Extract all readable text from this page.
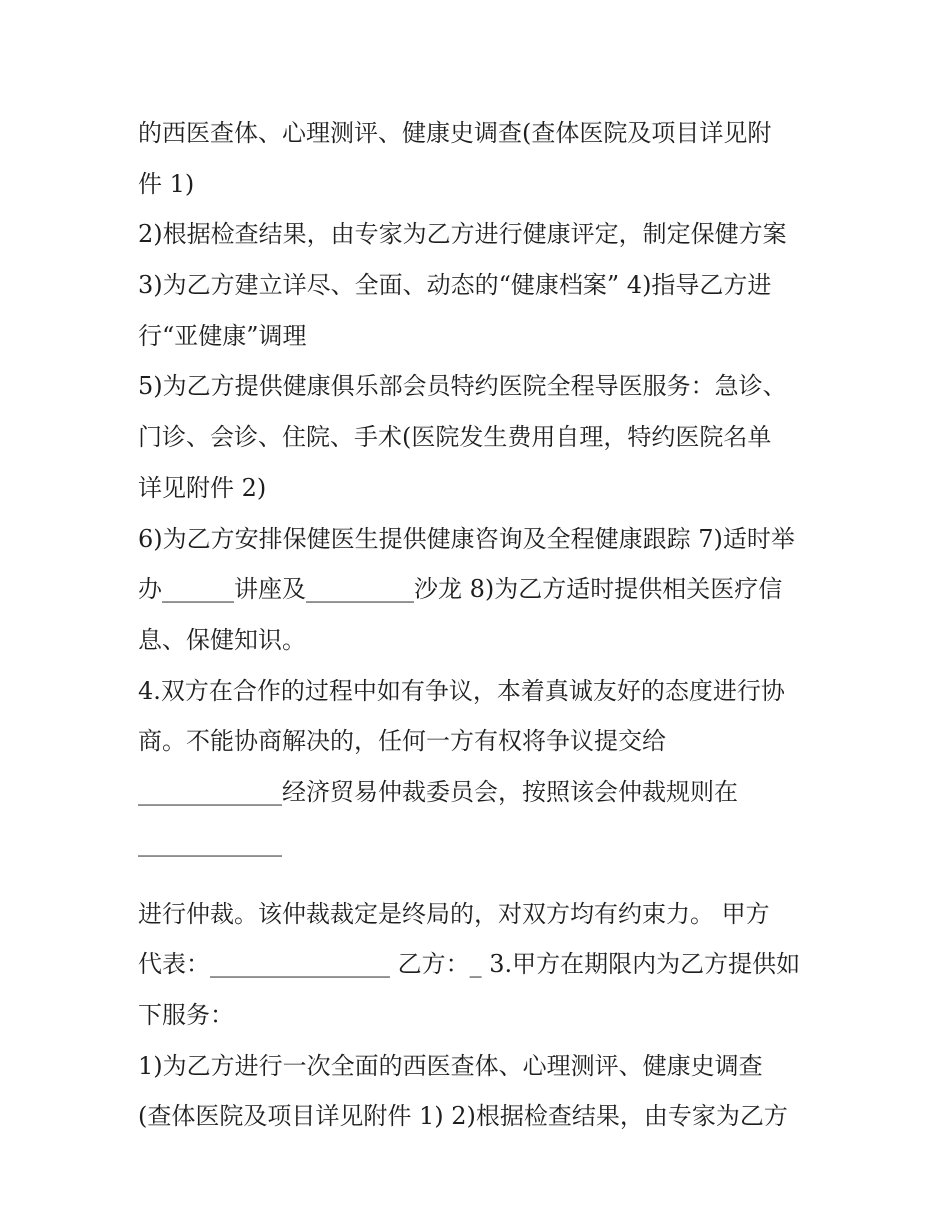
的西医查体、心理测评、健康史调查(查体医院及项目详见附
件 1)
2)根据检查结果，由专家为乙方进行健康评定，制定保健方案
3)为乙方建立详尽、全面、动态的“健康档案” 4)指导乙方进
行“亚健康”调理
5)为乙方提供健康俱乐部会员特约医院全程导医服务：急诊、
门诊、会诊、住院、手术(医院发生费用自理，特约医院名单
详见附件 2)
6)为乙方安排保健医生提供健康咨询及全程健康跟踪 7)适时举
办______讲座及_________沙龙 8)为乙方适时提供相关医疗信
息、保健知识。
4.双方在合作的过程中如有争议，本着真诚友好的态度进行协
商。不能协商解决的，任何一方有权将争议提交给
____________经济贸易仲裁委员会，按照该会仲裁规则在
____________
进行仲裁。该仲裁裁定是终局的，对双方均有约束力。 甲方
代表：_______________ 乙方：_ 3.甲方在期限内为乙方提供如
下服务：
1)为乙方进行一次全面的西医查体、心理测评、健康史调查
(查体医院及项目详见附件 1) 2)根据检查结果，由专家为乙方
